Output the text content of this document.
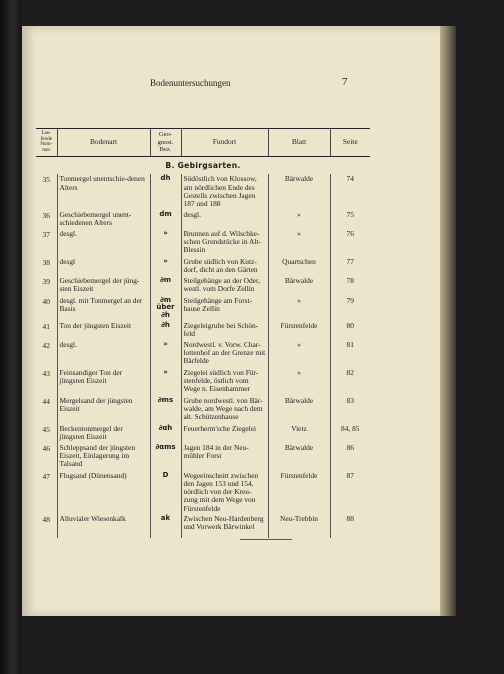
Bodenuntersuchungen	7
Lau-fende Num-mer	Bodenart	Geo-gnost. Bez.	Fundort	Blatt	Seite
B. Gebirgsarten.					
35	Tonmergel unentschie-denen Alters	dh	Südöstlich von Klossow, am nördlichen Ende des Gestells zwischen Jagen 187 und 188	Bärwalde	74
36	Geschiebemergel unent-schiedenen Alters	dm	desgl.	»	75
37	desgl.	»	Brunnen auf d. Wilschke-schen Grundstücke in Alt-Blessin	»	76
38	desgl	»	Grube südlich von Kutz-dorf, dicht an den Gärten	Quartschen	77
39	Geschiebemergel der jüng-sten Eiszeit	∂m	Steilgehänge an der Oder, westl. vom Dorfe Zellin	Bärwalde	78
40	desgl. mit Tonmergel an der Basis	∂m über ∂h	Steilgehänge am Forst-hause Zellin	»	79
41	Ton der jüngsten Eiszeit	∂h	Ziegeleigrube bei Schön-feld	Fürstenfelde	80
42	desgl.	»	Nordwestl. v. Vorw. Char-lottenhof an der Grenze mit Bärfelde	»	81
43	Feinsandiger Ton der jüngsten Eiszeit	»	Ziegelei südlich von Für-stenfelde, östlich vom Wege n. Eisenhammer	»	82
44	Mergelsand der jüngsten Eiszeit	∂ms	Grube nordwestl. von Bär-walde, am Wege nach dem alt. Schützenhause	Bärwalde	83
45	Beckentonmergel der jüngsten Eiszeit	∂αh	Feuerherm'sche Ziegelei	Vietz	84, 85
46	Schleppsand der jüngsten Eiszeit, Einlagerung im Talsand	∂αms	Jagen 184 in der Neu-mühler Forst	Bärwalde	86
47	Flugsand (Dünensand)	D	Wegeeinschnitt zwischen den Jagen 153 und 154, nördlich von der Kreu-zung mit dem Wege von Fürstenfelde	Fürstenfelde	87
48	Alluvialer Wiesenkalk	ak	Zwischen Neu-Hardenberg und Vorwerk Bärwinkel	Neu-Trebbin	88
